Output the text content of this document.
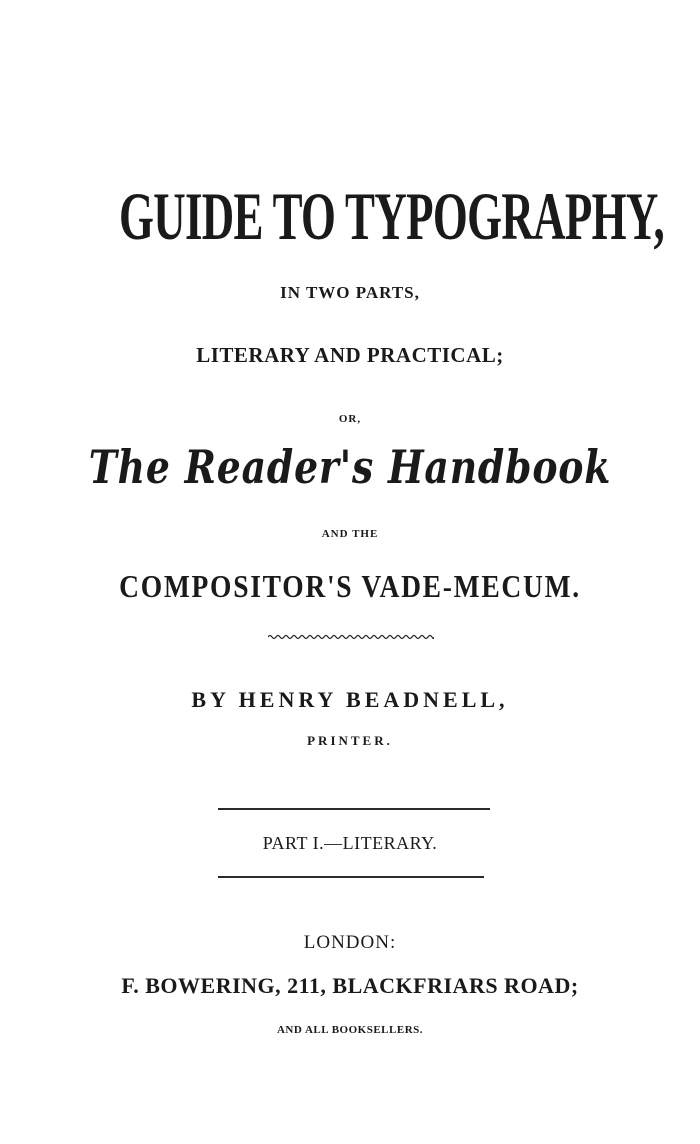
GUIDE TO TYPOGRAPHY,
IN TWO PARTS,
LITERARY AND PRACTICAL;
OR,
The Reader's Handbook
AND THE
COMPOSITOR'S VADE-MECUM.
BY HENRY BEADNELL,
PRINTER.
PART I.—LITERARY.
LONDON:
F. BOWERING, 211, BLACKFRIARS ROAD;
AND ALL BOOKSELLERS.
